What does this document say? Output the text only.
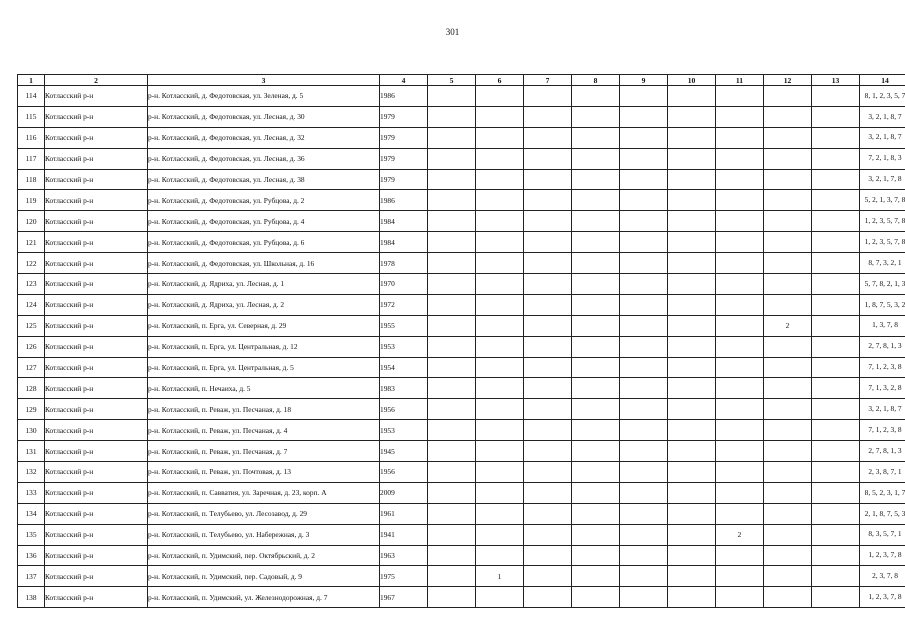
301
1	2	3	4	5	6	7	8	9	10	11	12	13	14
114	Котласский р-н	р-н. Котласский, д. Федотовская, ул. Зеленая, д. 5	1986										8, 1, 2, 3, 5, 7
115	Котласский р-н	р-н. Котласский, д. Федотовская, ул. Лесная, д. 30	1979										3, 2, 1, 8, 7
116	Котласский р-н	р-н. Котласский, д. Федотовская, ул. Лесная, д. 32	1979										3, 2, 1, 8, 7
117	Котласский р-н	р-н. Котласский, д. Федотовская, ул. Лесная, д. 36	1979										7, 2, 1, 8, 3
118	Котласский р-н	р-н. Котласский, д. Федотовская, ул. Лесная, д. 38	1979										3, 2, 1, 7, 8
119	Котласский р-н	р-н. Котласский, д. Федотовская, ул. Рубцова, д. 2	1986										5, 2, 1, 3, 7, 8
120	Котласский р-н	р-н. Котласский, д. Федотовская, ул. Рубцова, д. 4	1984										1, 2, 3, 5, 7, 8
121	Котласский р-н	р-н. Котласский, д. Федотовская, ул. Рубцова, д. 6	1984										1, 2, 3, 5, 7, 8
122	Котласский р-н	р-н. Котласский, д. Федотовская, ул. Школьная, д. 16	1978										8, 7, 3, 2, 1
123	Котласский р-н	р-н. Котласский, д. Ядриха, ул. Лесная, д. 1	1970										5, 7, 8, 2, 1, 3
124	Котласский р-н	р-н. Котласский, д. Ядриха, ул. Лесная, д. 2	1972										1, 8, 7, 5, 3, 2
125	Котласский р-н	р-н. Котласский, п. Ерга, ул. Северная, д. 29	1955								2		1, 3, 7, 8
126	Котласский р-н	р-н. Котласский, п. Ерга, ул. Центральная, д. 12	1953										2, 7, 8, 1, 3
127	Котласский р-н	р-н. Котласский, п. Ерга, ул. Центральная, д. 5	1954										7, 1, 2, 3, 8
128	Котласский р-н	р-н. Котласский, п. Нечаиха, д. 5	1983										7, 1, 3, 2, 8
129	Котласский р-н	р-н. Котласский, п. Реваж, ул. Песчаная, д. 18	1956										3, 2, 1, 8, 7
130	Котласский р-н	р-н. Котласский, п. Реваж, ул. Песчаная, д. 4	1953										7, 1, 2, 3, 8
131	Котласский р-н	р-н. Котласский, п. Реваж, ул. Песчаная, д. 7	1945										2, 7, 8, 1, 3
132	Котласский р-н	р-н. Котласский, п. Реваж, ул. Почтовая, д. 13	1956										2, 3, 8, 7, 1
133	Котласский р-н	р-н. Котласский, п. Савватия, ул. Заречная, д. 23, корп. А	2009										8, 5, 2, 3, 1, 7
134	Котласский р-н	р-н. Котласский, п. Телубьево, ул. Лесозавод, д. 29	1961										2, 1, 8, 7, 5, 3
135	Котласский р-н	р-н. Котласский, п. Телубьево, ул. Набережная, д. 3	1941							2			8, 3, 5, 7, 1
136	Котласский р-н	р-н. Котласский, п. Удимский, пер. Октябрьский, д. 2	1963										1, 2, 3, 7, 8
137	Котласский р-н	р-н. Котласский, п. Удимский, пер. Садовый, д. 9	1975		1								2, 3, 7, 8
138	Котласский р-н	р-н. Котласский, п. Удимский, ул. Железнодорожная, д. 7	1967										1, 2, 3, 7, 8
